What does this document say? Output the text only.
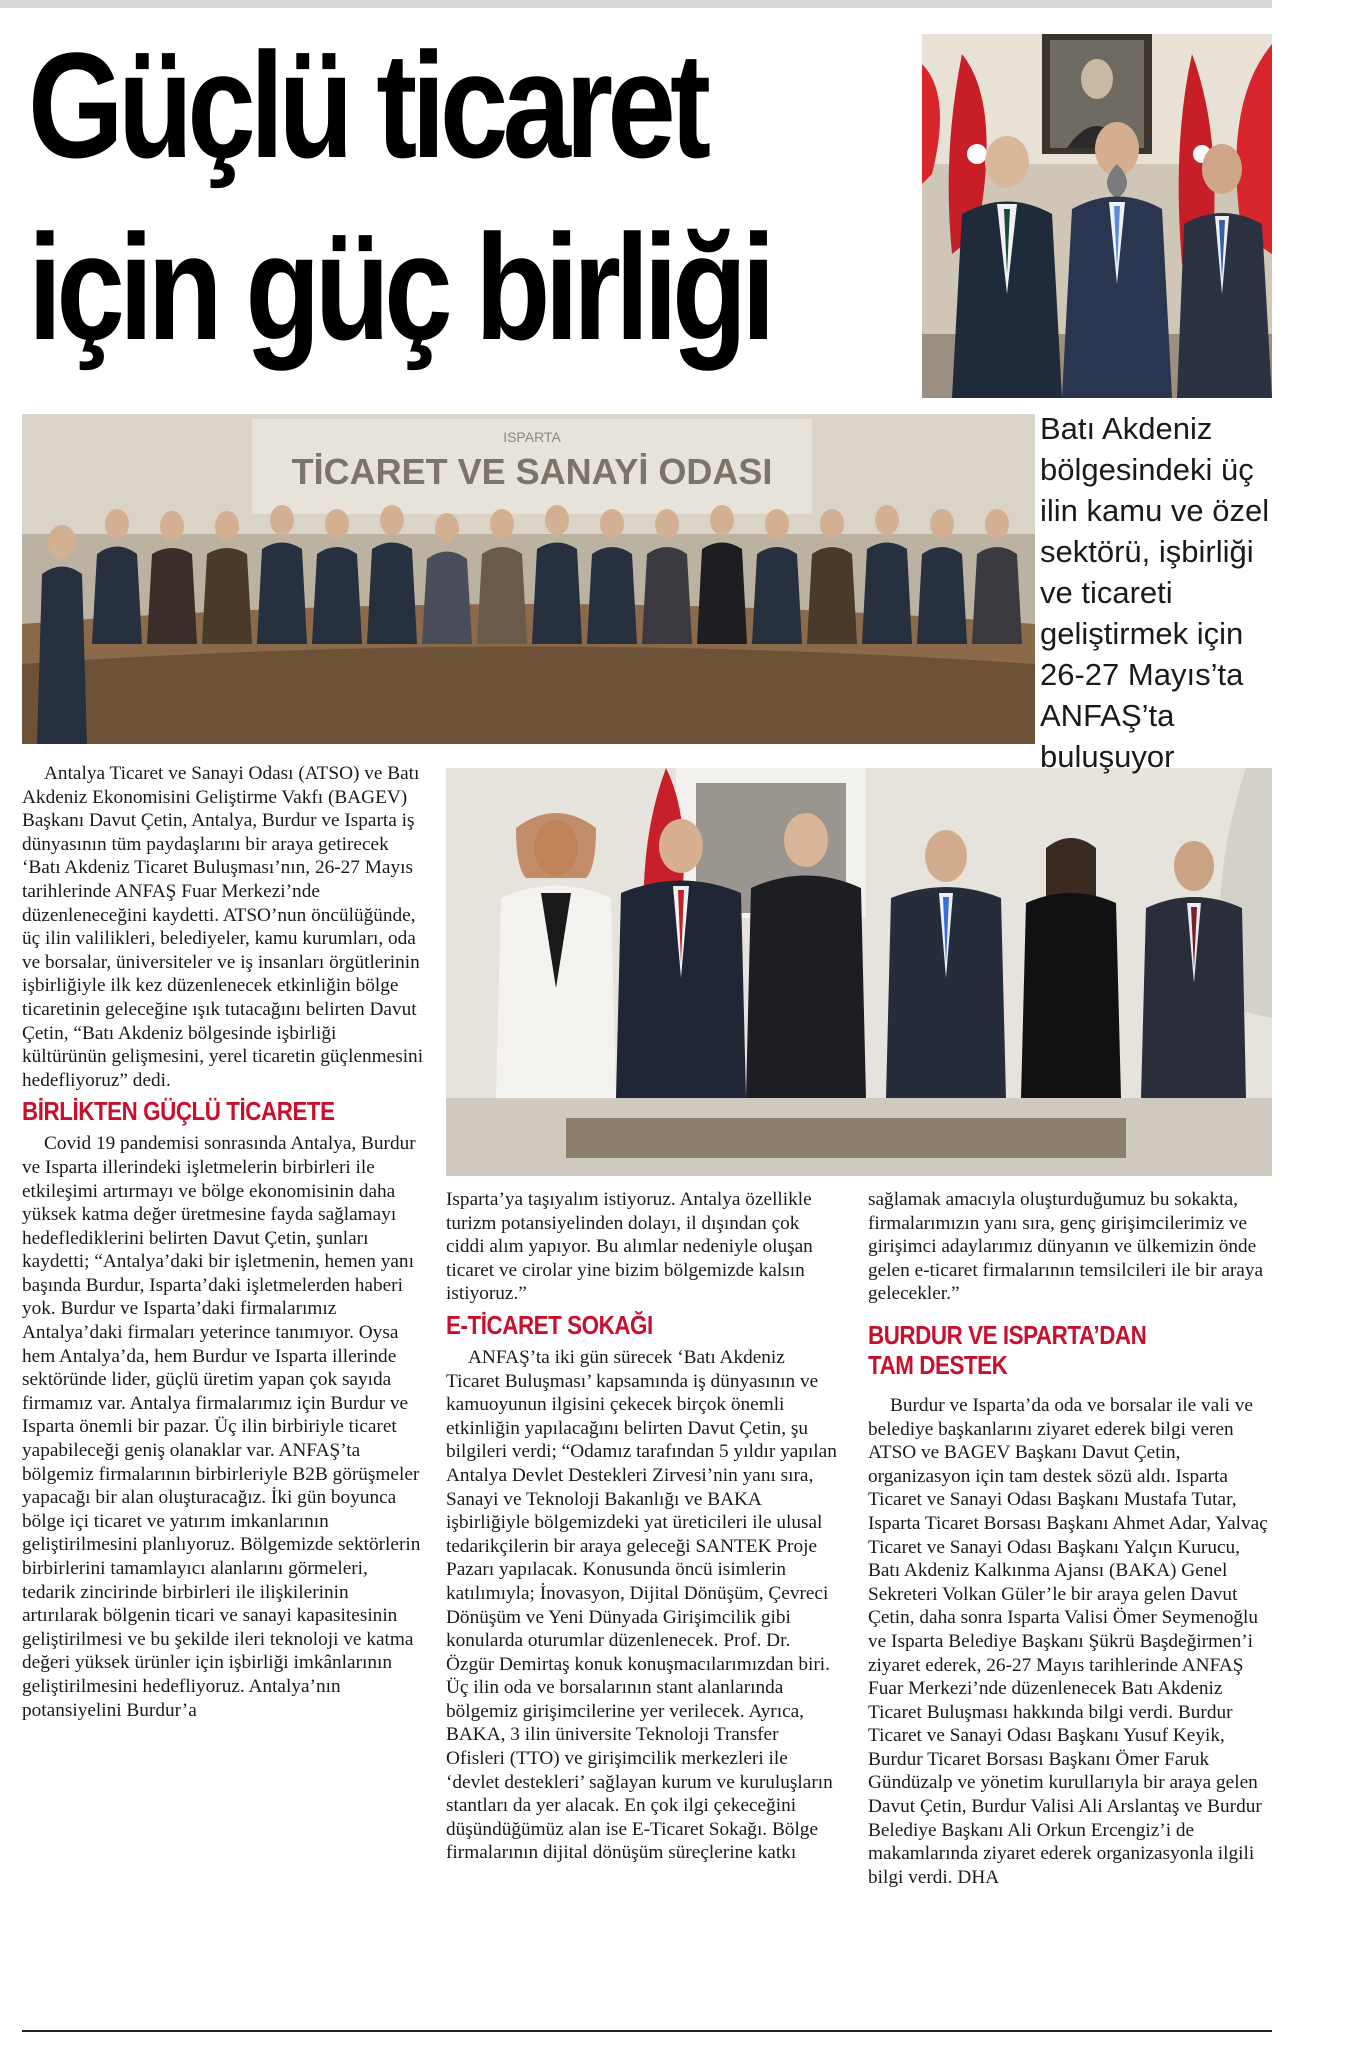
Güçlü ticaret
için güç birliği
ISPARTA
TİCARET VE SANAYİ ODASI

Batı Akdeniz bölgesindeki üç ilin kamu ve özel sektörü, işbirliği ve ticareti geliştirmek için 26-27 Mayıs’ta ANFAŞ’ta buluşuyor

Antalya Ticaret ve Sanayi Odası (ATSO) ve Batı Akdeniz Ekonomisini Geliştirme Vakfı (BAGEV) Başkanı Davut Çetin, Antalya, Burdur ve Isparta iş dünyasının tüm paydaşlarını bir araya getirecek ‘Batı Akdeniz Ticaret Buluşması’nın, 26-27 Mayıs tarihlerinde ANFAŞ Fuar Merkezi’nde düzenleneceğini kaydetti. ATSO’nun öncülüğünde, üç ilin valilikleri, belediyeler, kamu kurumları, oda ve borsalar, üniversiteler ve iş insanları örgütlerinin işbirliğiyle ilk kez düzenlenecek etkinliğin bölge ticaretinin geleceğine ışık tutacağını belirten Davut Çetin, “Batı Akdeniz bölgesinde işbirliği kültürünün gelişmesini, yerel ticaretin güçlenmesini hedefliyoruz” dedi.

BİRLİKTEN GÜÇLÜ TİCARETE

Covid 19 pandemisi sonrasında Antalya, Burdur ve Isparta illerindeki işletmelerin birbirleri ile etkileşimi artırmayı ve bölge ekonomisinin daha yüksek katma değer üretmesine fayda sağlamayı hedeflediklerini belirten Davut Çetin, şunları kaydetti; “Antalya’daki bir işletmenin, hemen yanı başında Burdur, Isparta’daki işletmelerden haberi yok. Burdur ve Isparta’daki firmalarımız Antalya’daki firmaları yeterince tanımıyor. Oysa hem Antalya’da, hem Burdur ve Isparta illerinde sektöründe lider, güçlü üretim yapan çok sayıda firmamız var. Antalya firmalarımız için Burdur ve Isparta önemli bir pazar. Üç ilin birbiriyle ticaret yapabileceği geniş olanaklar var. ANFAŞ’ta bölgemiz firmalarının birbirleriyle B2B görüşmeler yapacağı bir alan oluşturacağız. İki gün boyunca bölge içi ticaret ve yatırım imkanlarının geliştirilmesini planlıyoruz. Bölgemizde sektörlerin birbirlerini tamamlayıcı alanlarını görmeleri, tedarik zincirinde birbirleri ile ilişkilerinin artırılarak bölgenin ticari ve sanayi kapasitesinin geliştirilmesi ve bu şekilde ileri teknoloji ve katma değeri yüksek ürünler için işbirliği imkânlarının geliştirilmesini hedefliyoruz. Antalya’nın potansiyelini Burdur’a

Isparta’ya taşıyalım istiyoruz. Antalya özellikle turizm potansiyelinden dolayı, il dışından çok ciddi alım yapıyor. Bu alımlar nedeniyle oluşan ticaret ve cirolar yine bizim bölgemizde kalsın istiyoruz.”

E-TİCARET SOKAĞI

ANFAŞ’ta iki gün sürecek ‘Batı Akdeniz Ticaret Buluşması’ kapsamında iş dünyasının ve kamuoyunun ilgisini çekecek birçok önemli etkinliğin yapılacağını belirten Davut Çetin, şu bilgileri verdi; “Odamız tarafından 5 yıldır yapılan Antalya Devlet Destekleri Zirvesi’nin yanı sıra, Sanayi ve Teknoloji Bakanlığı ve BAKA işbirliğiyle bölgemizdeki yat üreticileri ile ulusal tedarikçilerin bir araya geleceği SANTEK Proje Pazarı yapılacak. Konusunda öncü isimlerin katılımıyla; İnovasyon, Dijital Dönüşüm, Çevreci Dönüşüm ve Yeni Dünyada Girişimcilik gibi konularda oturumlar düzenlenecek. Prof. Dr. Özgür Demirtaş konuk konuşmacılarımızdan biri. Üç ilin oda ve borsalarının stant alanlarında bölgemiz girişimcilerine yer verilecek. Ayrıca, BAKA, 3 ilin üniversite Teknoloji Transfer Ofisleri (TTO) ve girişimcilik merkezleri ile ‘devlet destekleri’ sağlayan kurum ve kuruluşların stantları da yer alacak. En çok ilgi çekeceğini düşündüğümüz alan ise E-Ticaret Sokağı. Bölge firmalarının dijital dönüşüm süreçlerine katkı

sağlamak amacıyla oluşturduğumuz bu sokakta, firmalarımızın yanı sıra, genç girişimcilerimiz ve girişimci adaylarımız dünyanın ve ülkemizin önde gelen e-ticaret firmalarının temsilcileri ile bir araya gelecekler.”

BURDUR VE ISPARTA’DAN
TAM DESTEK

Burdur ve Isparta’da oda ve borsalar ile vali ve belediye başkanlarını ziyaret ederek bilgi veren ATSO ve BAGEV Başkanı Davut Çetin, organizasyon için tam destek sözü aldı. Isparta Ticaret ve Sanayi Odası Başkanı Mustafa Tutar, Isparta Ticaret Borsası Başkanı Ahmet Adar, Yalvaç Ticaret ve Sanayi Odası Başkanı Yalçın Kurucu, Batı Akdeniz Kalkınma Ajansı (BAKA) Genel Sekreteri Volkan Güler’le bir araya gelen Davut Çetin, daha sonra Isparta Valisi Ömer Seymenoğlu ve Isparta Belediye Başkanı Şükrü Başdeğirmen’i ziyaret ederek, 26-27 Mayıs tarihlerinde ANFAŞ Fuar Merkezi’nde düzenlenecek Batı Akdeniz Ticaret Buluşması hakkında bilgi verdi. Burdur Ticaret ve Sanayi Odası Başkanı Yusuf Keyik, Burdur Ticaret Borsası Başkanı Ömer Faruk Gündüzalp ve yönetim kurullarıyla bir araya gelen Davut Çetin, Burdur Valisi Ali Arslantaş ve Burdur Belediye Başkanı Ali Orkun Ercengiz’i de makamlarında ziyaret ederek organizasyonla ilgili bilgi verdi. DHA
